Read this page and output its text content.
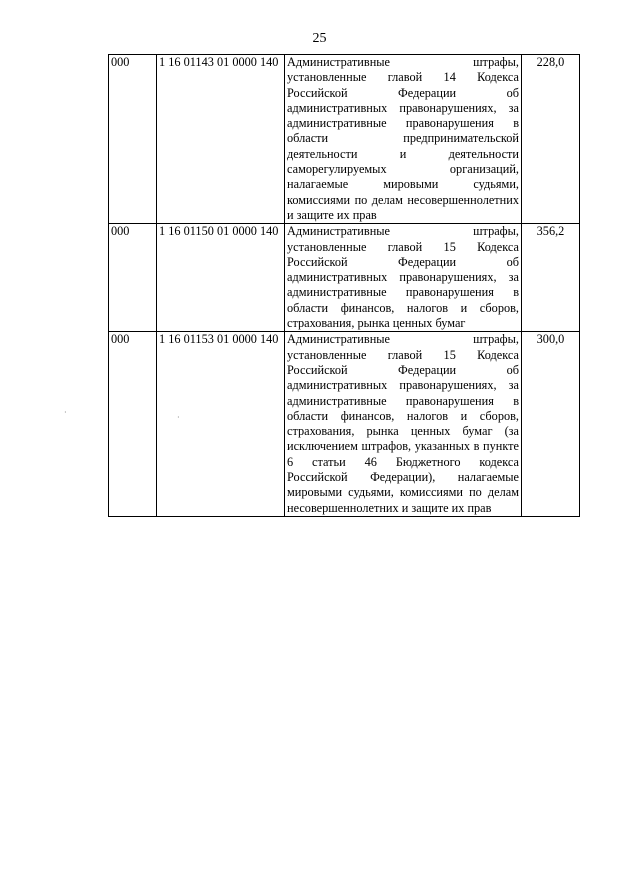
25
000	1 16 01143 01 0000 140	Административные штрафы, установленные главой 14 Кодекса Российской Федерации об административных правонарушениях, за административные правонарушения в области предпринимательской деятельности и деятельности саморегулируемых организаций, налагаемые мировыми судьями, комиссиями по делам несовершеннолетних и защите их прав	228,0
000	1 16 01150 01 0000 140	Административные штрафы, установленные главой 15 Кодекса Российской Федерации об административных правонарушениях, за административные правонарушения в области финансов, налогов и сборов, страхования, рынка ценных бумаг	356,2
000	1 16 01153 01 0000 140	Административные штрафы, установленные главой 15 Кодекса Российской Федерации об административных правонарушениях, за административные правонарушения в области финансов, налогов и сборов, страхования, рынка ценных бумаг (за исключением штрафов, указанных в пункте 6 статьи 46 Бюджетного кодекса Российской Федерации), налагаемые мировыми судьями, комиссиями по делам несовершеннолетних и защите их прав	300,0
·
·
